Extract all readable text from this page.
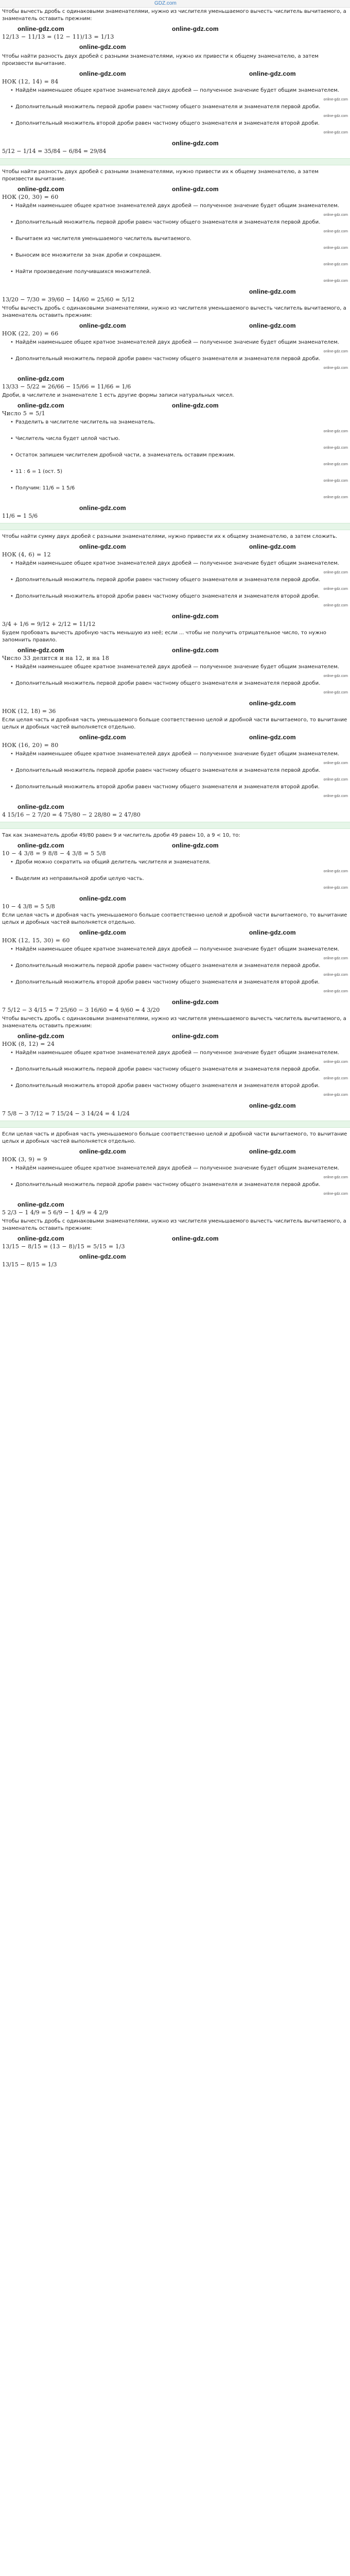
GDZ.com

Чтобы вычесть дробь с одинаковыми знаменателями, нужно из числителя уменьшаемого вычесть числитель вычитаемого, а знаменатель оставить прежним:

online-gdz.com	online-gdz.com

12/13 − 11/13 = (12 − 11)/13 = 1/13

online-gdz.com

Чтобы найти разность двух дробей с разными знаменателями, нужно их привести к общему знаменателю, а затем произвести вычитание.

online-gdz.com	online-gdz.com

НОК (12, 14) = 84

• Найдём наименьшее общее кратное знаменателей двух дробей — полученное значение будет общим знаменателем.
online-gdz.com
• Дополнительный множитель первой дроби равен частному общего знаменателя и знаменателя первой дроби.
online-gdz.com
• Дополнительный множитель второй дроби равен частному общего знаменателя и знаменателя второй дроби.
online-gdz.com
online-gdz.com

5/12 − 1/14 = 35/84 − 6/84 = 29/84

Чтобы найти разность двух дробей с разными знаменателями, нужно привести их к общему знаменателю, а затем произвести вычитание.

online-gdz.com
online-gdz.com

НОК (20, 30) = 60

• Найдём наименьшее общее кратное знаменателей двух дробей — полученное значение будет общим знаменателем.
online-gdz.com
• Дополнительный множитель первой дроби равен частному общего знаменателя и знаменателя первой дроби.
online-gdz.com
• Вычитаем из числителя уменьшаемого числитель вычитаемого.
online-gdz.com
• Выносим все множители за знак дроби и сокращаем.
online-gdz.com
• Найти произведение получившихся множителей.
online-gdz.com
online-gdz.com

13/20 − 7/30 = 39/60 − 14/60 = 25/60 = 5/12

Чтобы вычесть дробь с одинаковыми знаменателями, нужно из числителя уменьшаемого вычесть числитель вычитаемого, а знаменатель оставить прежним:

online-gdz.com
online-gdz.com

НОК (22, 20) = 66

• Найдём наименьшее общее кратное знаменателей двух дробей — полученное значение будет общим знаменателем.
online-gdz.com
• Дополнительный множитель первой дроби равен частному общего знаменателя и знаменателя первой дроби.
online-gdz.com
online-gdz.com

13/33 − 5/22 = 26/66 − 15/66 = 11/66 = 1/6

Дроби, в числителе и знаменателе 1 есть другие формы записи натуральных чисел.

online-gdz.com	online-gdz.com

Число 5 = 5/1

• Разделить в числителе числитель на знаменатель.
online-gdz.com
• Числитель числа будет целой частью.
online-gdz.com
• Остаток запишем числителем дробной части, а знаменатель оставим прежним.
online-gdz.com
• 11 : 6 = 1 (ост. 5)
online-gdz.com
• Получим: 11/6 = 1 5/6
online-gdz.com
online-gdz.com

11/6 = 1 5/6

Чтобы найти сумму двух дробей с разными знаменателями, нужно привести их к общему знаменателю, а затем сложить.

online-gdz.com	online-gdz.com

НОК (4, 6) = 12

• Найдём наименьшее общее кратное знаменателей двух дробей — полученное значение будет общим знаменателем.
online-gdz.com
• Дополнительный множитель первой дроби равен частному общего знаменателя и знаменателя первой дроби.
online-gdz.com
• Дополнительный множитель второй дроби равен частному общего знаменателя и знаменателя второй дроби.
online-gdz.com
online-gdz.com

3/4 + 1/6 = 9/12 + 2/12 = 11/12

Будем пробовать вычесть дробную часть меньшую из неё; если ... чтобы не получить отрицательное число, то нужно запомнить правило.

online-gdz.com
online-gdz.com

Число 33 делится и на 12, и на 18

• Найдём наименьшее общее кратное знаменателей двух дробей — полученное значение будет общим знаменателем.
online-gdz.com
• Дополнительный множитель первой дроби равен частному общего знаменателя и знаменателя первой дроби.
online-gdz.com
online-gdz.com

НОК (12, 18) = 36

Если целая часть и дробная часть уменьшаемого больше соответственно целой и дробной части вычитаемого, то вычитание целых и дробных частей выполняется отдельно.

online-gdz.com
online-gdz.com

НОК (16, 20) = 80

• Найдём наименьшее общее кратное знаменателей двух дробей — полученное значение будет общим знаменателем.
online-gdz.com
• Дополнительный множитель первой дроби равен частному общего знаменателя и знаменателя первой дроби.
online-gdz.com
• Дополнительный множитель второй дроби равен частному общего знаменателя и знаменателя второй дроби.
online-gdz.com
online-gdz.com

4 15/16 − 2 7/20 = 4 75/80 − 2 28/80 = 2 47/80

Так как знаменатель дроби 49/80 равен 9 и числитель дроби 49 равен 10, а 9 < 10, то:

online-gdz.com	online-gdz.com

10 − 4 3/8 = 9 8/8 − 4 3/8 = 5 5/8

• Дроби можно сократить на общий делитель числителя и знаменателя.
online-gdz.com
• Выделим из неправильной дроби целую часть.
online-gdz.com
online-gdz.com

10 − 4 3/8 = 5 5/8

Если целая часть и дробная часть уменьшаемого больше соответственно целой и дробной части вычитаемого, то вычитание целых и дробных частей выполняется отдельно.

online-gdz.com	online-gdz.com

НОК (12, 15, 30) = 60

• Найдём наименьшее общее кратное знаменателей двух дробей — полученное значение будет общим знаменателем.
online-gdz.com
• Дополнительный множитель первой дроби равен частному общего знаменателя и знаменателя первой дроби.
online-gdz.com
• Дополнительный множитель второй дроби равен частному общего знаменателя и знаменателя второй дроби.
online-gdz.com
online-gdz.com

7 5/12 − 3 4/15 = 7 25/60 − 3 16/60 = 4 9/60 = 4 3/20

Чтобы вычесть дробь с одинаковыми знаменателями, нужно из числителя уменьшаемого вычесть числитель вычитаемого, а знаменатель оставить прежним:

online-gdz.com
online-gdz.com

НОК (8, 12) = 24

• Найдём наименьшее общее кратное знаменателей двух дробей — полученное значение будет общим знаменателем.
online-gdz.com
• Дополнительный множитель первой дроби равен частному общего знаменателя и знаменателя первой дроби.
online-gdz.com
• Дополнительный множитель второй дроби равен частному общего знаменателя и знаменателя второй дроби.
online-gdz.com
online-gdz.com

7 5/8 − 3 7/12 = 7 15/24 − 3 14/24 = 4 1/24

Если целая часть и дробная часть уменьшаемого больше соответственно целой и дробной части вычитаемого, то вычитание целых и дробных частей выполняется отдельно.

online-gdz.com
online-gdz.com

НОК (3, 9) = 9

• Найдём наименьшее общее кратное знаменателей двух дробей — полученное значение будет общим знаменателем.
online-gdz.com
• Дополнительный множитель первой дроби равен частному общего знаменателя и знаменателя первой дроби.
online-gdz.com
online-gdz.com

5 2/3 − 1 4/9 = 5 6/9 − 1 4/9 = 4 2/9

Чтобы вычесть дробь с одинаковыми знаменателями, нужно из числителя уменьшаемого вычесть числитель вычитаемого, а знаменатель оставить прежним:

online-gdz.com	online-gdz.com

13/15 − 8/15 = (13 − 8)/15 = 5/15 = 1/3

online-gdz.com

13/15 − 8/15 = 1/3
